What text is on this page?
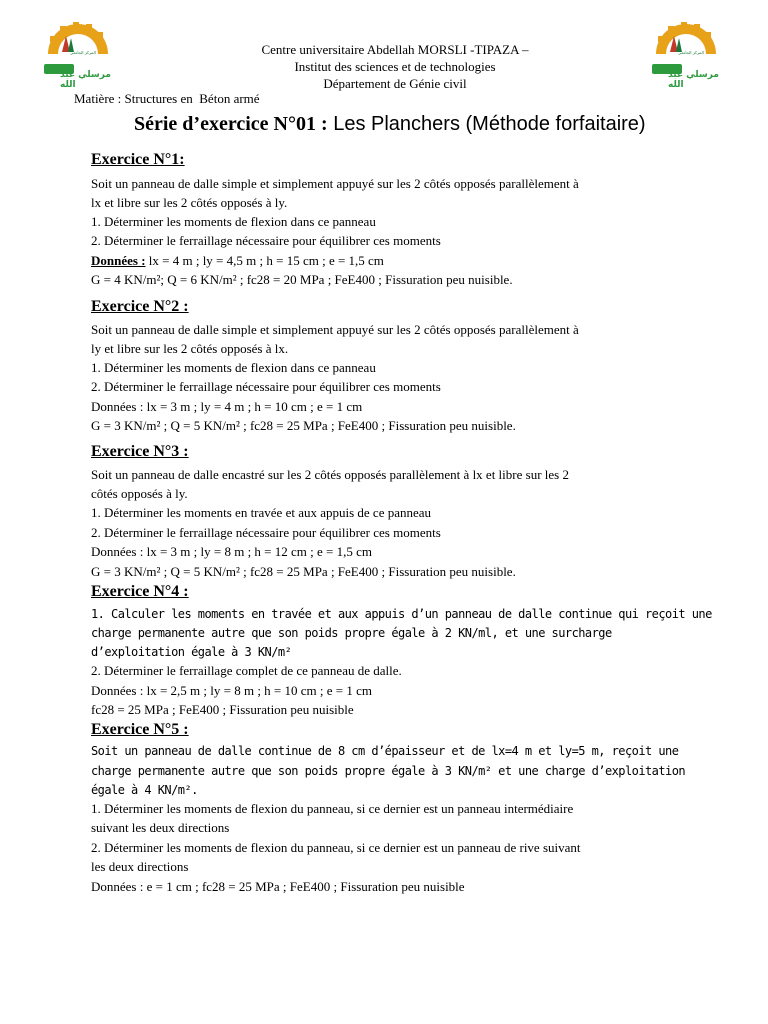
المركز الجامعي
مرسلي عبد الله
المركز الجامعي
مرسلي عبد الله
Centre universitaire Abdellah MORSLI -TIPAZA –
Institut des sciences et de technologies
Département de Génie civil
Matière : Structures en  Béton armé
Série d’exercice N°01 : Les Planchers (Méthode forfaitaire)
Exercice N°1:
Soit un panneau de dalle simple et simplement appuyé sur les 2 côtés opposés parallèlement à
lx et libre sur les 2 côtés opposés à ly.
1. Déterminer les moments de flexion dans ce panneau
2. Déterminer le ferraillage nécessaire pour équilibrer ces moments
Données : lx = 4 m ; ly = 4,5 m ; h = 15 cm ; e = 1,5 cm
G = 4 KN/m²; Q = 6 KN/m² ; fc28 = 20 MPa ; FeE400 ; Fissuration peu nuisible.
Exercice N°2 :
Soit un panneau de dalle simple et simplement appuyé sur les 2 côtés opposés parallèlement à
ly et libre sur les 2 côtés opposés à lx.
1. Déterminer les moments de flexion dans ce panneau
2. Déterminer le ferraillage nécessaire pour équilibrer ces moments
Données : lx = 3 m ; ly = 4 m ; h = 10 cm ; e = 1 cm
G = 3 KN/m² ; Q = 5 KN/m² ; fc28 = 25 MPa ; FeE400 ; Fissuration peu nuisible.
Exercice N°3 :
Soit un panneau de dalle encastré sur les 2 côtés opposés parallèlement à lx et libre sur les 2
côtés opposés à ly.
1. Déterminer les moments en travée et aux appuis de ce panneau
2. Déterminer le ferraillage nécessaire pour équilibrer ces moments
Données : lx = 3 m ; ly = 8 m ; h = 12 cm ; e = 1,5 cm
G = 3 KN/m² ; Q = 5 KN/m² ; fc28 = 25 MPa ; FeE400 ; Fissuration peu nuisible.
Exercice N°4 :
1. Calculer les moments en travée et aux appuis d’un panneau de dalle continue qui reçoit une
charge permanente autre que son poids propre égale à 2 KN/ml, et une surcharge
d’exploitation égale à 3 KN/m²
2. Déterminer le ferraillage complet de ce panneau de dalle.
Données : lx = 2,5 m ; ly = 8 m ; h = 10 cm ; e = 1 cm
fc28 = 25 MPa ; FeE400 ; Fissuration peu nuisible
Exercice N°5 :
Soit un panneau de dalle continue de 8 cm d’épaisseur et de lx=4 m et ly=5 m, reçoit une
charge permanente autre que son poids propre égale à 3 KN/m² et une charge d’exploitation
égale à 4 KN/m².
1. Déterminer les moments de flexion du panneau, si ce dernier est un panneau intermédiaire
suivant les deux directions
2. Déterminer les moments de flexion du panneau, si ce dernier est un panneau de rive suivant
les deux directions
Données : e = 1 cm ; fc28 = 25 MPa ; FeE400 ; Fissuration peu nuisible
